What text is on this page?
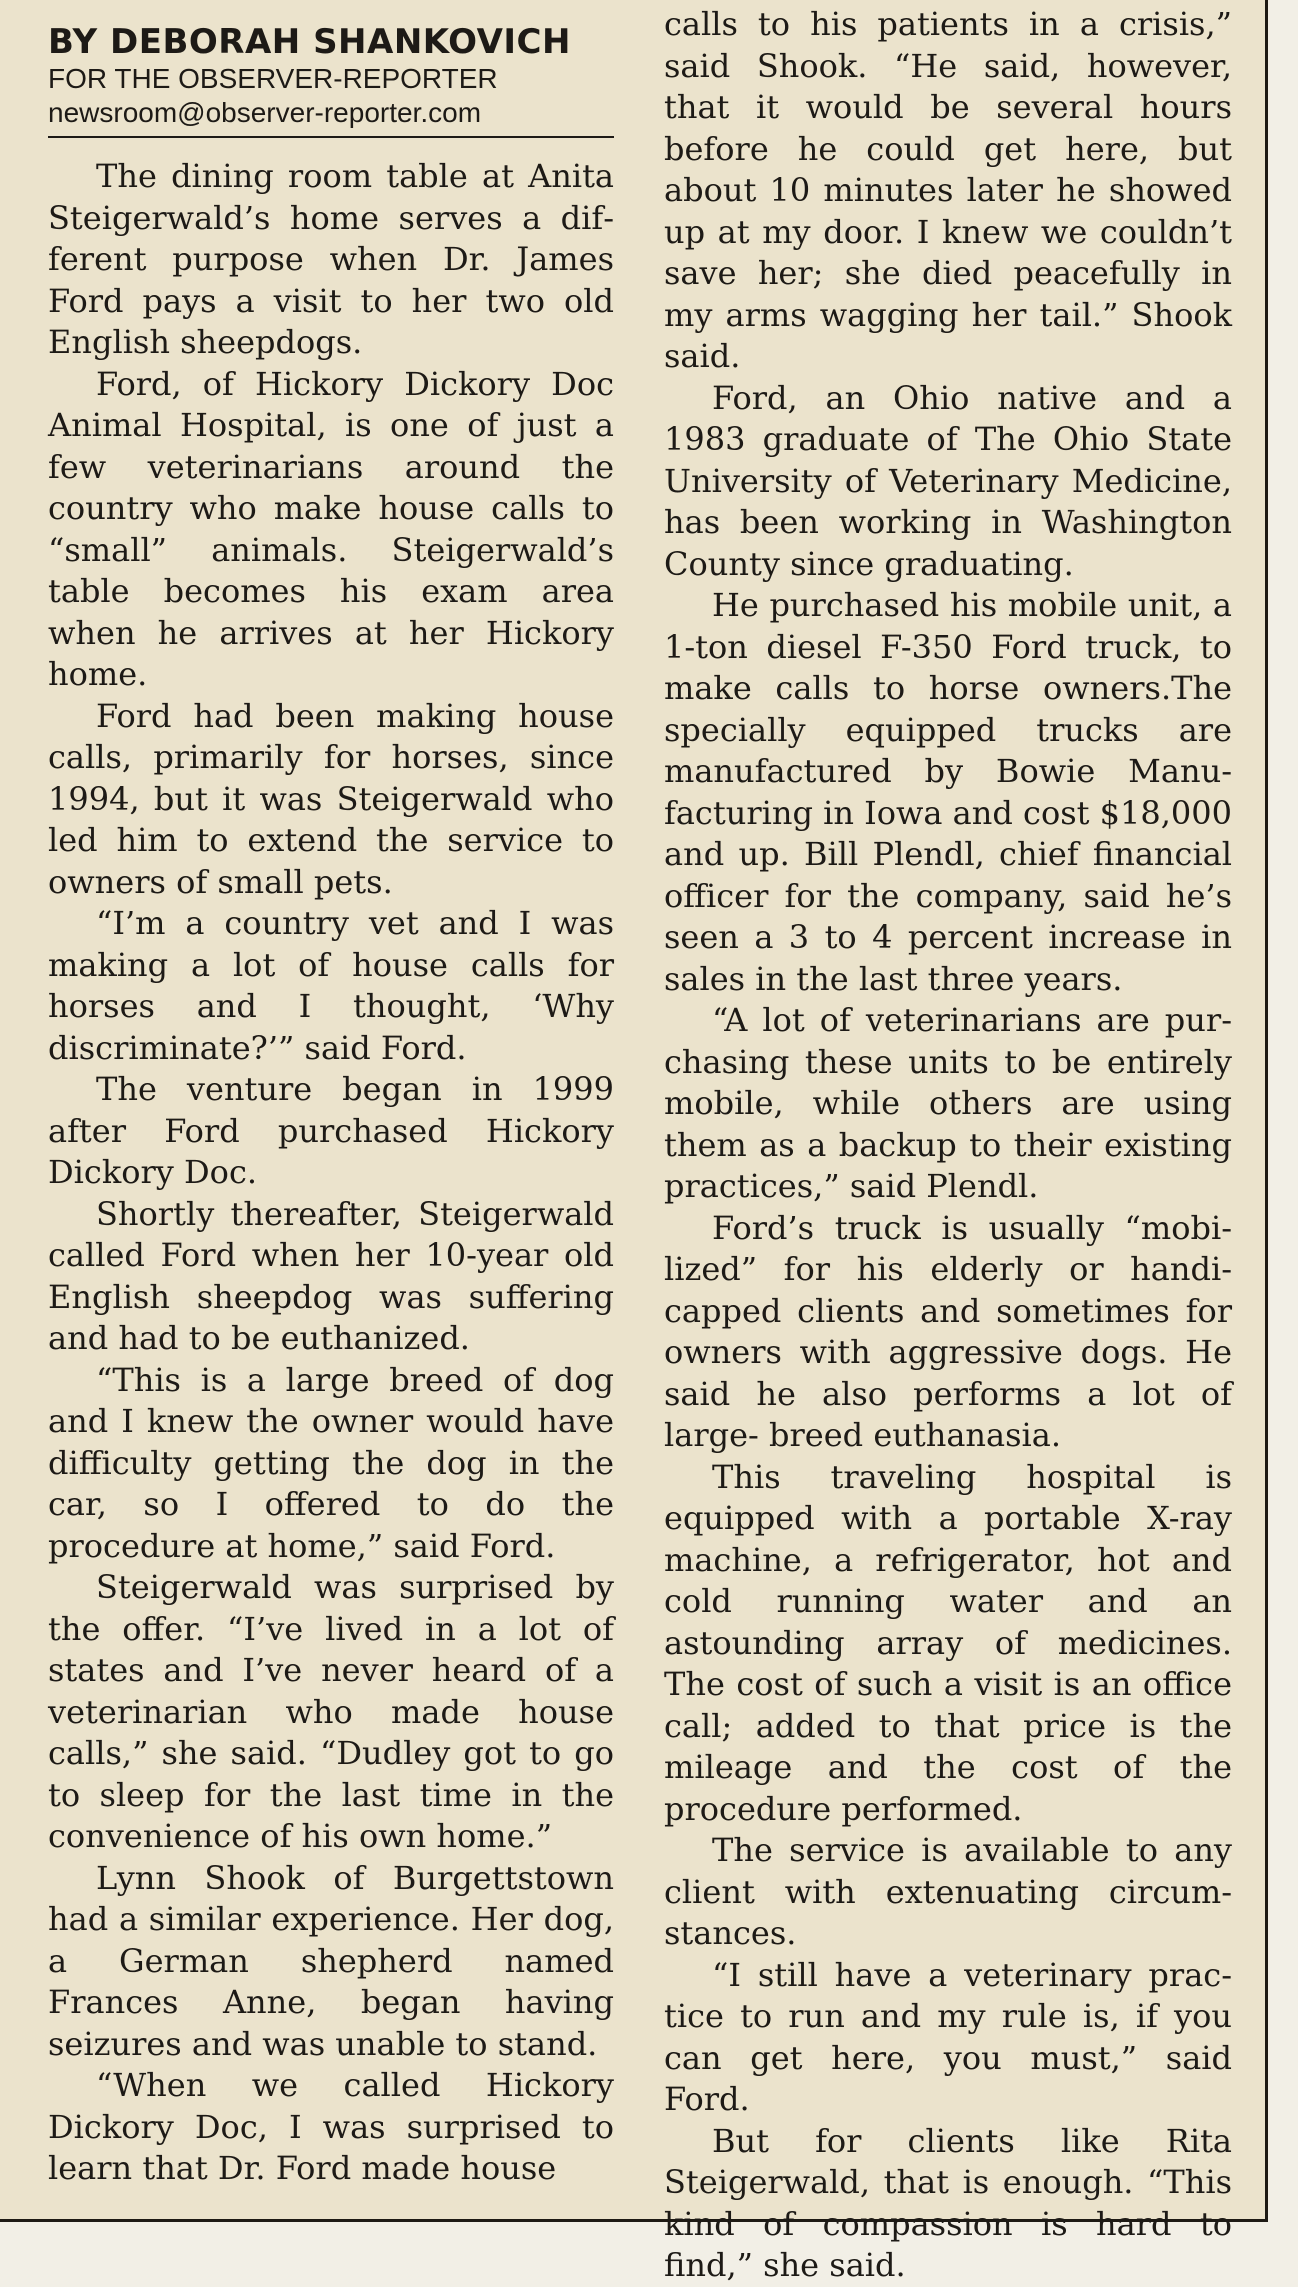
BY DEBORAH SHANKOVICH
FOR THE OBSERVER-REPORTER
newsroom@observer-reporter.com

The dining room table at Anita Steigerwald’s home serves a different purpose when Dr. James Ford pays a visit to her two old English sheepdogs.

Ford, of Hickory Dickory Doc Animal Hospital, is one of just a few veterinarians around the country who make house calls to “small” animals. Steigerwald’s table becomes his exam area when he arrives at her Hickory home.

Ford had been making house calls, primarily for horses, since 1994, but it was Steigerwald who led him to extend the service to owners of small pets.

“I’m a country vet and I was making a lot of house calls for horses and I thought, ‘Why discriminate?’” said Ford.

The venture began in 1999 after Ford purchased Hickory Dickory Doc.

Shortly thereafter, Steigerwald called Ford when her 10-year old English sheepdog was suffering and had to be euthanized.

“This is a large breed of dog and I knew the owner would have difficulty getting the dog in the car, so I offered to do the procedure at home,” said Ford.

Steigerwald was surprised by the offer. “I’ve lived in a lot of states and I’ve never heard of a veterinarian who made house calls,” she said. “Dudley got to go to sleep for the last time in the convenience of his own home.”

Lynn Shook of Burgettstown had a similar experience. Her dog, a German shepherd named Frances Anne, began having seizures and was unable to stand.

“When we called Hickory Dickory Doc, I was surprised to learn that Dr. Ford made house

calls to his patients in a crisis,” said Shook. “He said, however, that it would be several hours before he could get here, but about 10 minutes later he showed up at my door. I knew we couldn’t save her; she died peacefully in my arms wagging her tail.” Shook said.

Ford, an Ohio native and a 1983 graduate of The Ohio State University of Veterinary Medicine, has been working in Washington County since graduating.

He purchased his mobile unit, a 1-ton diesel F-350 Ford truck, to make calls to horse owners.The specially equipped trucks are manufactured by Bowie Manufacturing in Iowa and cost $18,000 and up. Bill Plendl, chief financial officer for the company, said he’s seen a 3 to 4 percent increase in sales in the last three years.

“A lot of veterinarians are purchasing these units to be entirely mobile, while others are using them as a backup to their existing practices,” said Plendl.

Ford’s truck is usually “mobilized” for his elderly or handicapped clients and sometimes for owners with aggressive dogs. He said he also performs a lot of large- breed euthanasia.

This traveling hospital is equipped with a portable X-ray machine, a refrigerator, hot and cold running water and an astounding array of medicines. The cost of such a visit is an office call; added to that price is the mileage and the cost of the procedure performed.

The service is available to any client with extenuating circumstances.

“I still have a veterinary practice to run and my rule is, if you can get here, you must,” said Ford.

But for clients like Rita Steigerwald, that is enough. “This kind of compassion is hard to find,” she said.
